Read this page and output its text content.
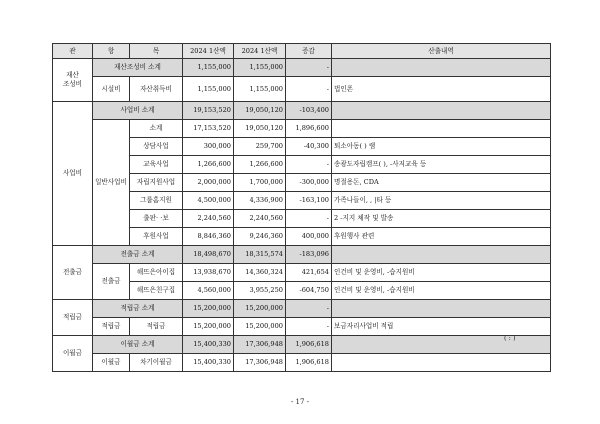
관	항	목	2024 1산액	2024 1산액	증감	산출내역
재산
조성비	재산조성비 소계		1,155,000	1,155,000	-	
	시설비	자산취득비	1,155,000	1,155,000	-	법인폰
사업비	사업비 소계		19,153,520	19,050,120	-103,400	
	일반사업비	소계	17,153,520	19,050,120	1,896,600	
		상담사업	300,000	259,700	-40,300	퇴소아동( ) 램
		교육사업	1,266,600	1,266,600	-	송광도자립캠프( ), -사저교육 등
		자립지원사업	2,000,000	1,700,000	-300,000	명절용돈, CDA
		그룹홈지원	4,500,000	4,336,900	-163,100	가족나들이, , |타 등
		출판· ·보	2,240,560	2,240,560	-	2 -지지 체작 및 발송
		후원사업	8,846,360	9,246,360	400,000	후원행사 관련
전출금	전출금 소계		18,498,670	18,315,574	-183,096	
	전출금	해뜨은아이집	13,938,670	14,360,324	421,654	인건비 및 운영비, -습지원비
		해뜨은친구집	4,560,000	3,955,250	-604,750	인건비 및 운영비, -습지원비
적립금	적립금 소계		15,200,000	15,200,000	-	
	적립금	적립금	15,200,000	15,200,000	-	보금자리사업비 적립
이월금	이월금 소계		15,400,330	17,306,948	1,906,618	
	이월금	차기이월금	15,400,330	17,306,948	1,906,618	
( : )
- 17 -
